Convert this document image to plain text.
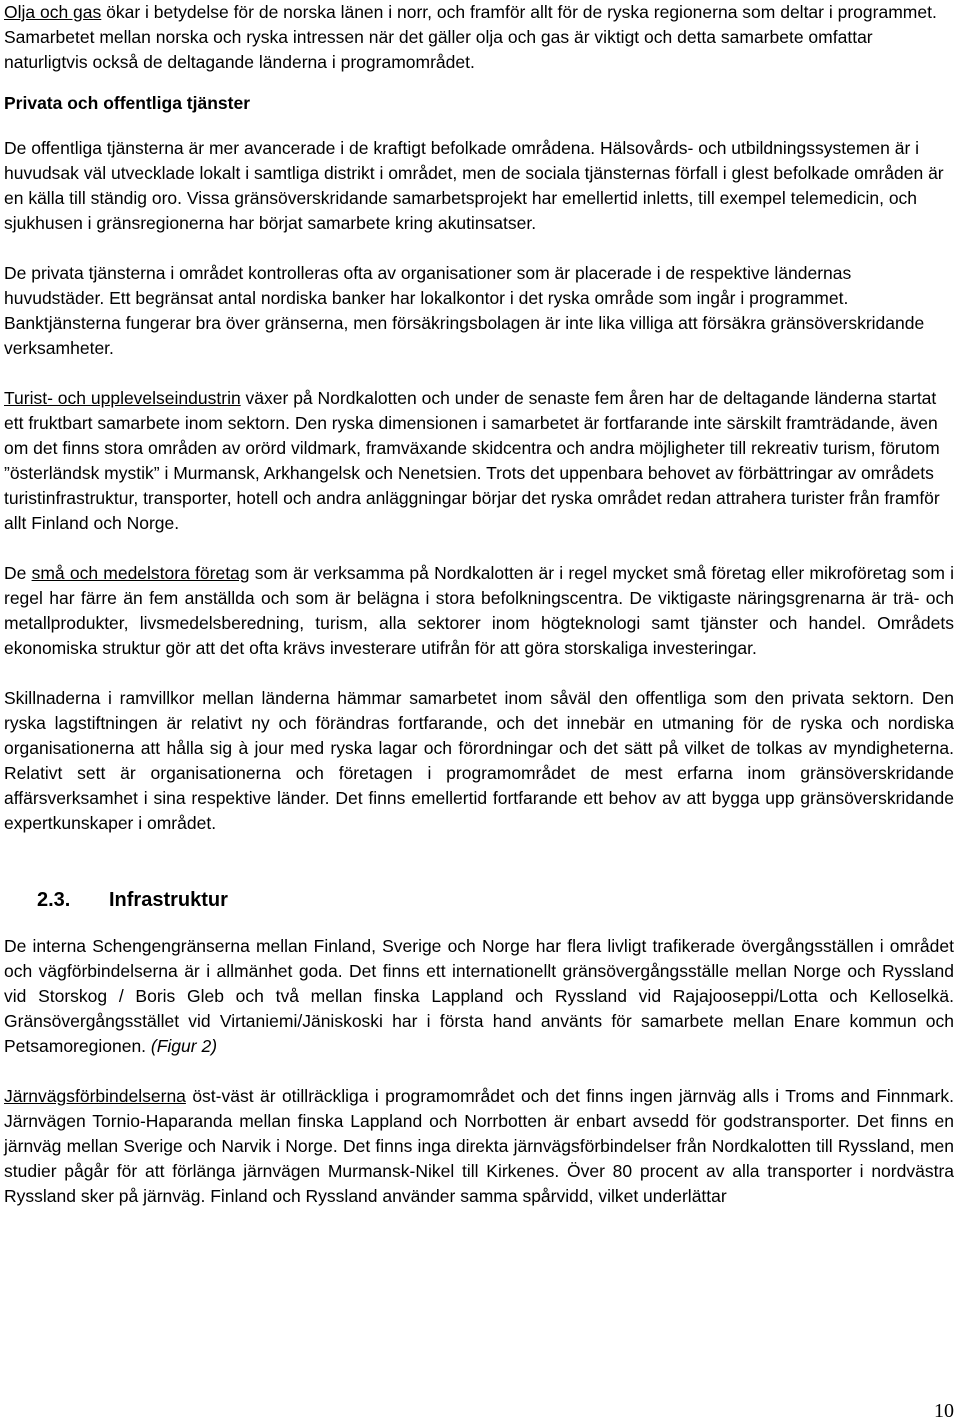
Olja och gas ökar i betydelse för de norska länen i norr, och framför allt för de ryska regionerna som deltar i programmet. Samarbetet mellan norska och ryska intressen när det gäller olja och gas är viktigt och detta samarbete omfattar naturligtvis också de deltagande länderna i programområdet.

Privata och offentliga tjänster

De offentliga tjänsterna är mer avancerade i de kraftigt befolkade områdena. Hälsovårds- och utbildningssystemen är i huvudsak väl utvecklade lokalt i samtliga distrikt i området, men de sociala tjänsternas förfall i glest befolkade områden är en källa till ständig oro. Vissa gränsöverskridande samarbetsprojekt har emellertid inletts, till exempel telemedicin, och sjukhusen i gränsregionerna har börjat samarbete kring akutinsatser.

De privata tjänsterna i området kontrolleras ofta av organisationer som är placerade i de respektive ländernas huvudstäder. Ett begränsat antal nordiska banker har lokalkontor i det ryska område som ingår i programmet. Banktjänsterna fungerar bra över gränserna, men försäkringsbolagen är inte lika villiga att försäkra gränsöverskridande verksamheter.

Turist- och upplevelseindustrin växer på Nordkalotten och under de senaste fem åren har de deltagande länderna startat ett fruktbart samarbete inom sektorn. Den ryska dimensionen i samarbetet är fortfarande inte särskilt framträdande, även om det finns stora områden av orörd vildmark, framväxande skidcentra och andra möjligheter till rekreativ turism, förutom ”österländsk mystik” i Murmansk, Arkhangelsk och Nenetsien. Trots det uppenbara behovet av förbättringar av områdets turistinfrastruktur, transporter, hotell och andra anläggningar börjar det ryska området redan attrahera turister från framför allt Finland och Norge.

De små och medelstora företag som är verksamma på Nordkalotten är i regel mycket små företag eller mikroföretag som i regel har färre än fem anställda och som är belägna i stora befolkningscentra. De viktigaste näringsgrenarna är trä- och metallprodukter, livsmedelsberedning, turism, alla sektorer inom högteknologi samt tjänster och handel. Områdets ekonomiska struktur gör att det ofta krävs investerare utifrån för att göra storskaliga investeringar.

Skillnaderna i ramvillkor mellan länderna hämmar samarbetet inom såväl den offentliga som den privata sektorn. Den ryska lagstiftningen är relativt ny och förändras fortfarande, och det innebär en utmaning för de ryska och nordiska organisationerna att hålla sig à jour med ryska lagar och förordningar och det sätt på vilket de tolkas av myndigheterna. Relativt sett är organisationerna och företagen i programområdet de mest erfarna inom gränsöverskridande affärsverksamhet i sina respektive länder. Det finns emellertid fortfarande ett behov av att bygga upp gränsöverskridande expertkunskaper i området.

2.3. Infrastruktur

De interna Schengengränserna mellan Finland, Sverige och Norge har flera livligt trafikerade övergångsställen i området och vägförbindelserna är i allmänhet goda. Det finns ett internationellt gränsövergångsställe mellan Norge och Ryssland vid Storskog / Boris Gleb och två mellan finska Lappland och Ryssland vid Rajajooseppi/Lotta och Kelloselkä. Gränsövergångsstället vid Virtaniemi/Jäniskoski har i första hand använts för samarbete mellan Enare kommun och Petsamoregionen. (Figur 2)

Järnvägsförbindelserna öst-väst är otillräckliga i programområdet och det finns ingen järnväg alls i Troms and Finnmark. Järnvägen Tornio-Haparanda mellan finska Lappland och Norrbotten är enbart avsedd för godstransporter. Det finns en järnväg mellan Sverige och Narvik i Norge. Det finns inga direkta järnvägsförbindelser från Nordkalotten till Ryssland, men studier pågår för att förlänga järnvägen Murmansk-Nikel till Kirkenes. Över 80 procent av alla transporter i nordvästra Ryssland sker på järnväg. Finland och Ryssland använder samma spårvidd, vilket underlättar

10
